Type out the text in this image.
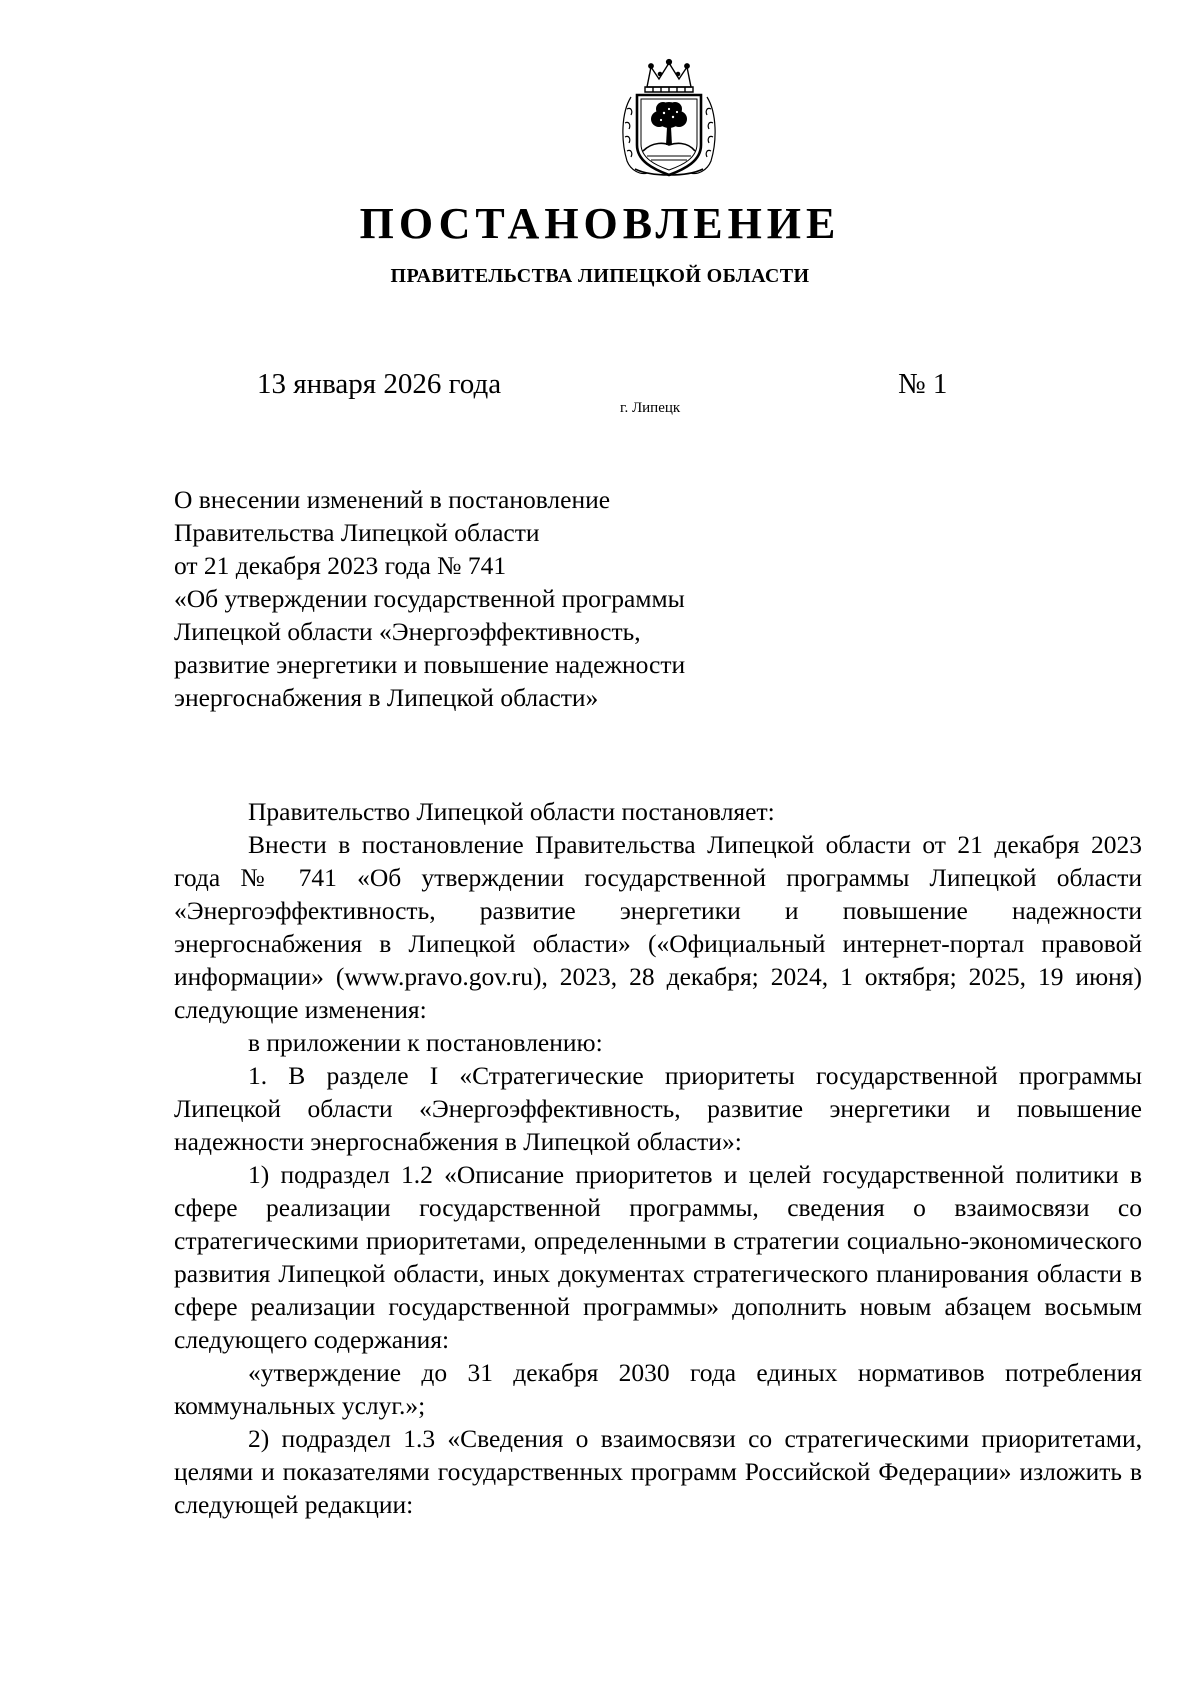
ПОСТАНОВЛЕНИЕ
ПРАВИТЕЛЬСТВА ЛИПЕЦКОЙ ОБЛАСТИ
13 января 2026 года
г. Липецк
№ 1
О внесении изменений в постановление
Правительства Липецкой области
от 21 декабря 2023 года № 741
«Об утверждении государственной программы
Липецкой области «Энергоэффективность,
развитие энергетики и повышение надежности
энергоснабжения в Липецкой области»

Правительство Липецкой области постановляет:

Внести в постановление Правительства Липецкой области от 21 декабря 2023 года № 741 «Об утверждении государственной программы Липецкой области «Энергоэффективность, развитие энергетики и повышение надежности энергоснабжения в Липецкой области» («Официальный интернет-портал правовой информации» (www.pravo.gov.ru), 2023, 28 декабря; 2024, 1 октября; 2025, 19 июня) следующие изменения:

в приложении к постановлению:

1. В разделе I «Стратегические приоритеты государственной программы Липецкой области «Энергоэффективность, развитие энергетики и повышение надежности энергоснабжения в Липецкой области»:

1) подраздел 1.2 «Описание приоритетов и целей государственной политики в сфере реализации государственной программы, сведения о взаимосвязи со стратегическими приоритетами, определенными в стратегии социально-экономического развития Липецкой области, иных документах стратегического планирования области в сфере реализации государственной программы» дополнить новым абзацем восьмым следующего содержания:

«утверждение до 31 декабря 2030 года единых нормативов потребления коммунальных услуг.»;

2) подраздел 1.3 «Сведения о взаимосвязи со стратегическими приоритетами, целями и показателями государственных программ Российской Федерации» изложить в следующей редакции:
